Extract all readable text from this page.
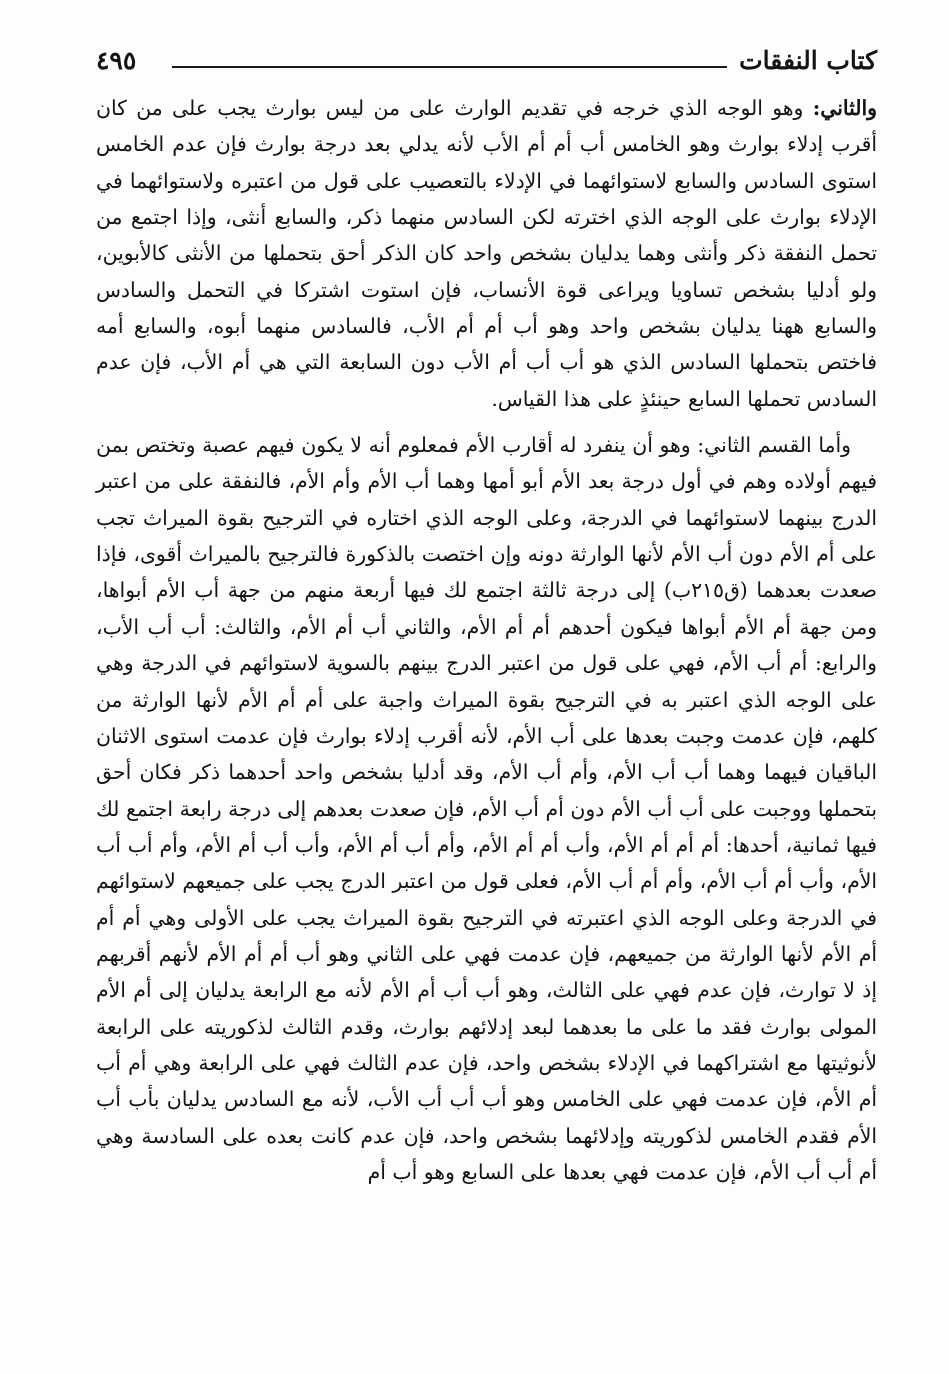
كتاب النفقات
٤٩٥

والثاني: وهو الوجه الذي خرجه في تقديم الوارث على من ليس بوارث يجب على من كان أقرب إدلاء بوارث وهو الخامس أب أم أم الأب لأنه يدلي بعد درجة بوارث فإن عدم الخامس استوى السادس والسابع لاستوائهما في الإدلاء بالتعصيب على قول من اعتبره ولاستوائهما في الإدلاء بوارث على الوجه الذي اخترته لكن السادس منهما ذكر، والسابع أنثى، وإذا اجتمع من تحمل النفقة ذكر وأنثى وهما يدليان بشخص واحد كان الذكر أحق بتحملها من الأنثى كالأبوين، ولو أدليا بشخص تساويا ويراعى قوة الأنساب، فإن استوت اشتركا في التحمل والسادس والسابع ههنا يدليان بشخص واحد وهو أب أم أم الأب، فالسادس منهما أبوه، والسابع أمه فاختص بتحملها السادس الذي هو أب أب أم الأب دون السابعة التي هي أم الأب، فإن عدم السادس تحملها السابع حينئذٍ على هذا القياس.

وأما القسم الثاني: وهو أن ينفرد له أقارب الأم فمعلوم أنه لا يكون فيهم عصبة وتختص بمن فيهم أولاده وهم في أول درجة بعد الأم أبو أمها وهما أب الأم وأم الأم، فالنفقة على من اعتبر الدرج بينهما لاستوائهما في الدرجة، وعلى الوجه الذي اختاره في الترجيح بقوة الميراث تجب على أم الأم دون أب الأم لأنها الوارثة دونه وإن اختصت بالذكورة فالترجيح بالميراث أقوى، فإذا صعدت بعدهما (ق٢١٥ب) إلى درجة ثالثة اجتمع لك فيها أربعة منهم من جهة أب الأم أبواها، ومن جهة أم الأم أبواها فيكون أحدهم أم أم الأم، والثاني أب أم الأم، والثالث: أب أب الأب، والرابع: أم أب الأم، فهي على قول من اعتبر الدرج بينهم بالسوية لاستوائهم في الدرجة وهي على الوجه الذي اعتبر به في الترجيح بقوة الميراث واجبة على أم أم الأم لأنها الوارثة من كلهم، فإن عدمت وجبت بعدها على أب الأم، لأنه أقرب إدلاء بوارث فإن عدمت استوى الاثنان الباقيان فيهما وهما أب أب الأم، وأم أب الأم، وقد أدليا بشخص واحد أحدهما ذكر فكان أحق بتحملها ووجبت على أب أب الأم دون أم أب الأم، فإن صعدت بعدهم إلى درجة رابعة اجتمع لك فيها ثمانية، أحدها: أم أم أم الأم، وأب أم أم الأم، وأم أب أم الأم، وأب أب أم الأم، وأم أب أب الأم، وأب أم أب الأم، وأم أم أب الأم، فعلى قول من اعتبر الدرج يجب على جميعهم لاستوائهم في الدرجة وعلى الوجه الذي اعتبرته في الترجيح بقوة الميراث يجب على الأولى وهي أم أم أم الأم لأنها الوارثة من جميعهم، فإن عدمت فهي على الثاني وهو أب أم أم الأم لأنهم أقربهم إذ لا توارث، فإن عدم فهي على الثالث، وهو أب أب أم الأم لأنه مع الرابعة يدليان إلى أم الأم المولى بوارث فقد ما على ما بعدهما لبعد إدلائهم بوارث، وقدم الثالث لذكوريته على الرابعة لأنوثيتها مع اشتراكهما في الإدلاء بشخص واحد، فإن عدم الثالث فهي على الرابعة وهي أم أب أم الأم، فإن عدمت فهي على الخامس وهو أب أب أب الأب، لأنه مع السادس يدليان بأب أب الأم فقدم الخامس لذكوريته وإدلائهما بشخص واحد، فإن عدم كانت بعده على السادسة وهي أم أب أب الأم، فإن عدمت فهي بعدها على السابع وهو أب أم
